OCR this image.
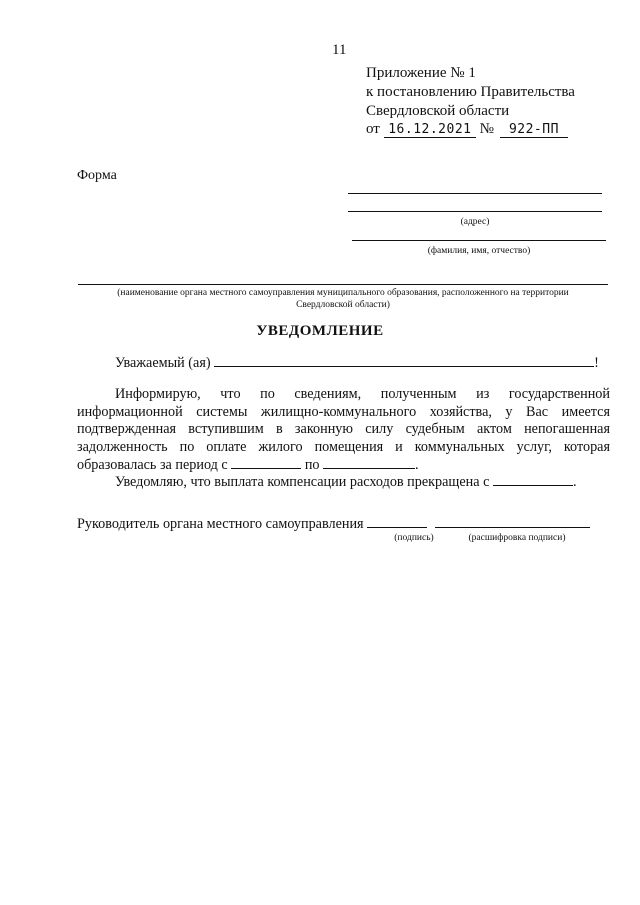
11
Приложение № 1
к постановлению Правительства
Свердловской области
от 16.12.2021 № 922-ПП
Форма
(адрес)
(фамилия, имя, отчество)
(наименование органа местного самоуправления муниципального образования, расположенного на территории
Свердловской области)
УВЕДОМЛЕНИЕ
Уважаемый (ая)	!
Информирую, что по сведениям, полученным из государственной информационной системы жилищно-коммунального хозяйства, у Вас имеется подтвержденная вступившим в законную силу судебным актом непогашенная задолженность по оплате жилого помещения и коммунальных услуг, которая
образовалась за период с	по	.
Уведомляю, что выплата компенсации расходов прекращена с	.
Руководитель органа местного самоуправления
(подпись)	(расшифровка подписи)
